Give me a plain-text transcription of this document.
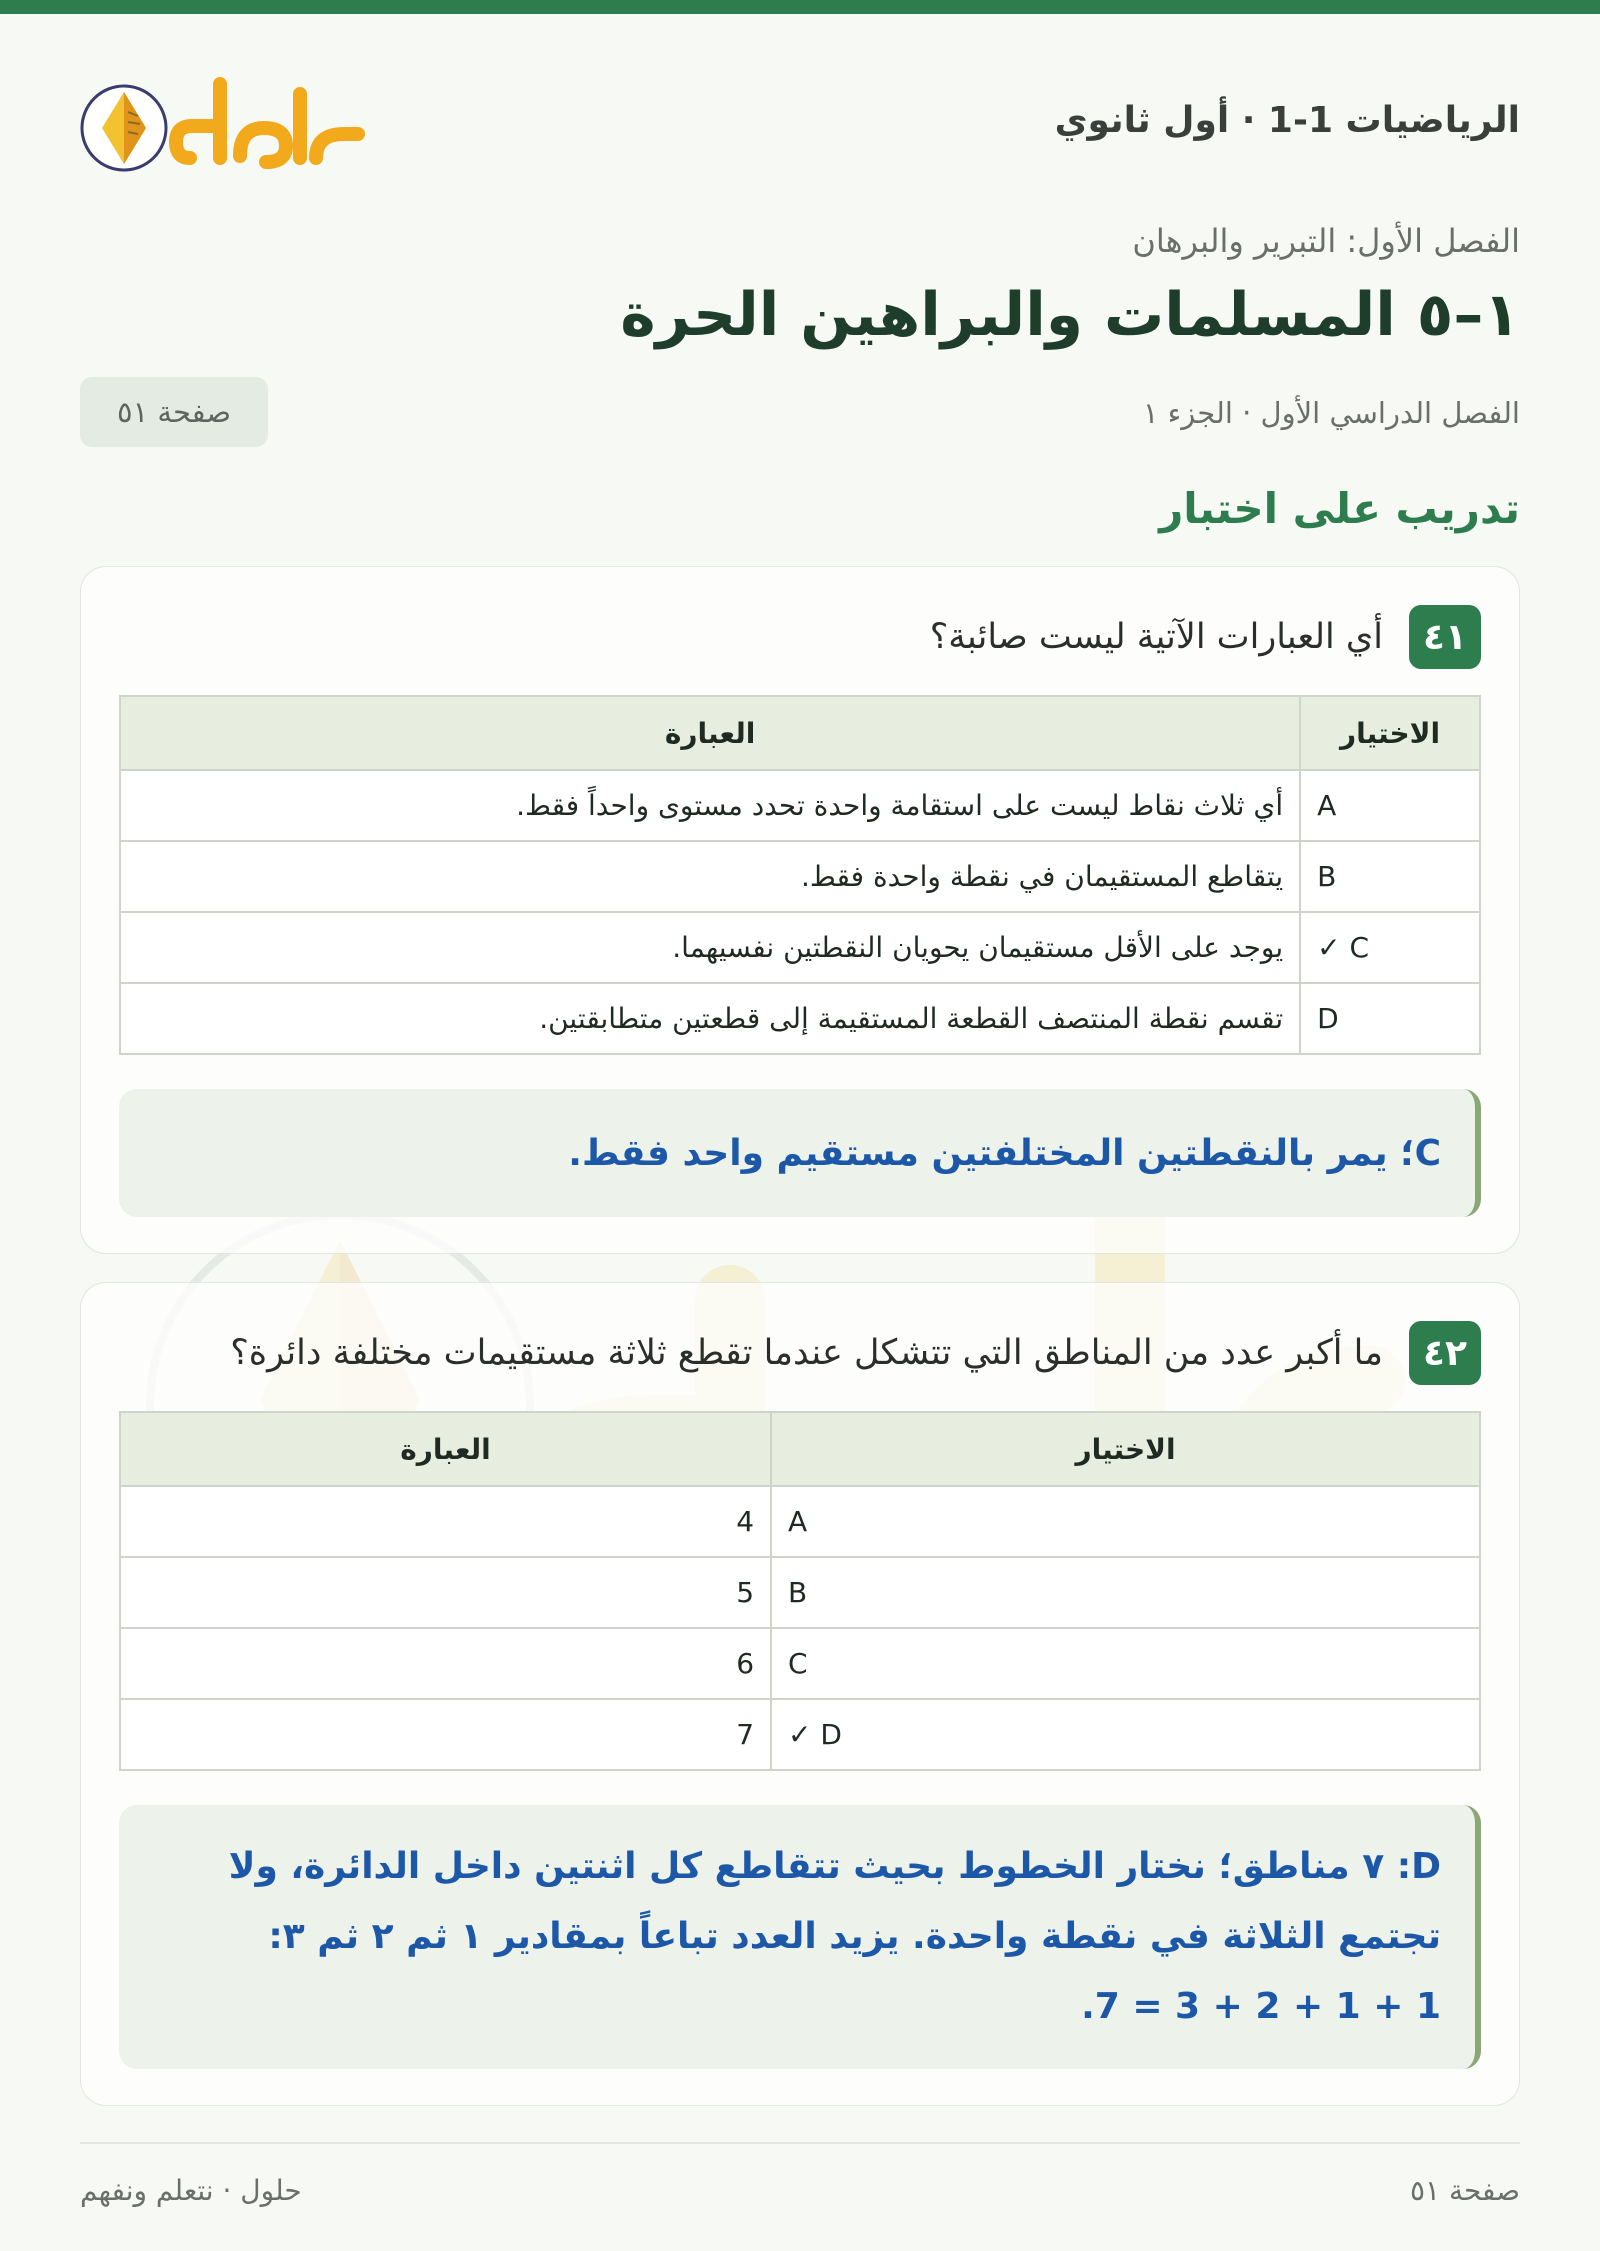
الرياضيات 1-1 · أول ثانوي
الفصل الأول: التبرير والبرهان
١–٥ المسلمات والبراهين الحرة
الفصل الدراسي الأول · الجزء ١
صفحة ٥١
تدريب على اختبار
٤١
أي العبارات الآتية ليست صائبة؟
الاختيار	العبارة
A	أي ثلاث نقاط ليست على استقامة واحدة تحدد مستوى واحداً فقط.
B	يتقاطع المستقيمان في نقطة واحدة فقط.
C ✓	يوجد على الأقل مستقيمان يحويان النقطتين نفسيهما.
D	تقسم نقطة المنتصف القطعة المستقيمة إلى قطعتين متطابقتين.
C؛ يمر بالنقطتين المختلفتين مستقيم واحد فقط.
٤٢
ما أكبر عدد من المناطق التي تتشكل عندما تقطع ثلاثة مستقيمات مختلفة دائرة؟
الاختيار	العبارة
A	4
B	5
C	6
D ✓	7
D: ٧ مناطق؛ نختار الخطوط بحيث تتقاطع كل اثنتين داخل الدائرة، ولا
تجتمع الثلاثة في نقطة واحدة. يزيد العدد تباعاً بمقادير ١ ثم ٢ ثم ٣:
1 + 1 + 2 + 3 = 7.
صفحة ٥١
حلول · نتعلم ونفهم
